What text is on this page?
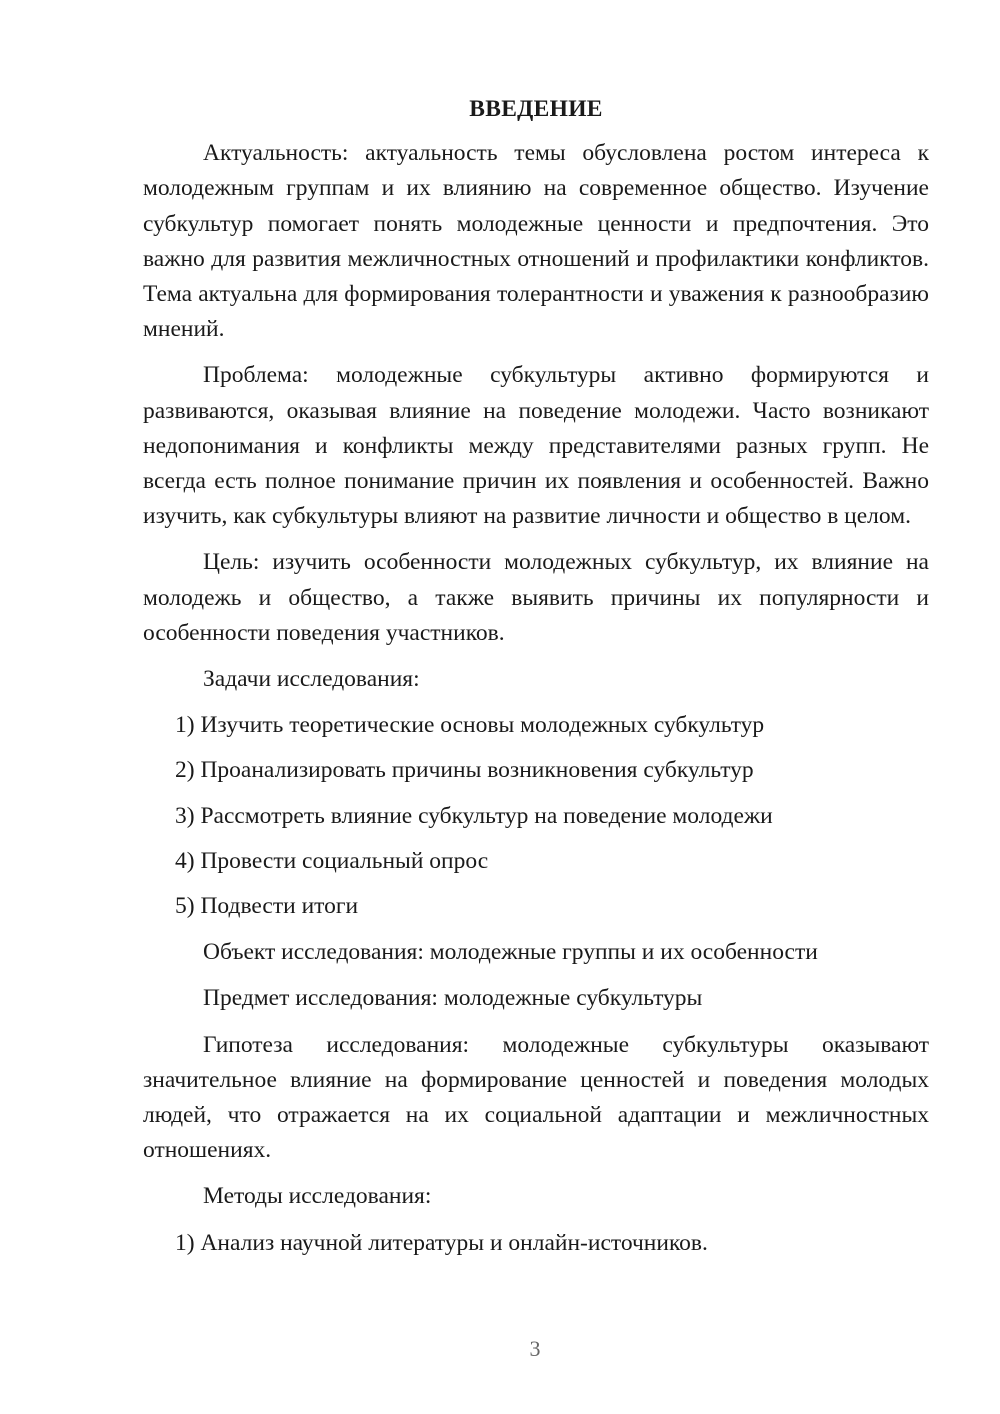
ВВЕДЕНИЕ

Актуальность: актуальность темы обусловлена ростом интереса к молодежным группам и их влиянию на современное общество. Изучение субкультур помогает понять молодежные ценности и предпочтения. Это важно для развития межличностных отношений и профилактики конфликтов. Тема актуальна для формирования толерантности и уважения к разнообразию мнений.

Проблема: молодежные субкультуры активно формируются и развиваются, оказывая влияние на поведение молодежи. Часто возникают недопонимания и конфликты между представителями разных групп. Не всегда есть полное понимание причин их появления и особенностей. Важно изучить, как субкультуры влияют на развитие личности и общество в целом.

Цель: изучить особенности молодежных субкультур, их влияние на молодежь и общество, а также выявить причины их популярности и особенности поведения участников.

Задачи исследования:

1) Изучить теоретические основы молодежных субкультур
2) Проанализировать причины возникновения субкультур
3) Рассмотреть влияние субкультур на поведение молодежи
4) Провести социальный опрос
5) Подвести итоги

Объект исследования: молодежные группы и их особенности

Предмет исследования: молодежные субкультуры

Гипотеза исследования: молодежные субкультуры оказывают значительное влияние на формирование ценностей и поведения молодых людей, что отражается на их социальной адаптации и межличностных отношениях.

Методы исследования:

1) Анализ научной литературы и онлайн-источников.
3
